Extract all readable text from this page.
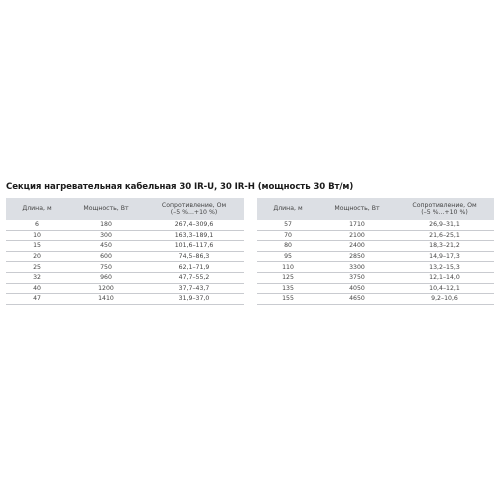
Секция нагревательная кабельная 30 IR-U, 30 IR-H (мощность 30 Вт/м)
Длина, м	Мощность, Вт	Сопротивление, Ом
(–5 %...+10 %)
6	180	267,4–309,6
10	300	163,3–189,1
15	450	101,6–117,6
20	600	74,5–86,3
25	750	62,1–71,9
32	960	47,7–55,2
40	1200	37,7–43,7
47	1410	31,9–37,0
Длина, м	Мощность, Вт	Сопротивление, Ом
(–5 %...+10 %)
57	1710	26,9–31,1
70	2100	21,6–25,1
80	2400	18,3–21,2
95	2850	14,9–17,3
110	3300	13,2–15,3
125	3750	12,1–14,0
135	4050	10,4–12,1
155	4650	9,2–10,6
